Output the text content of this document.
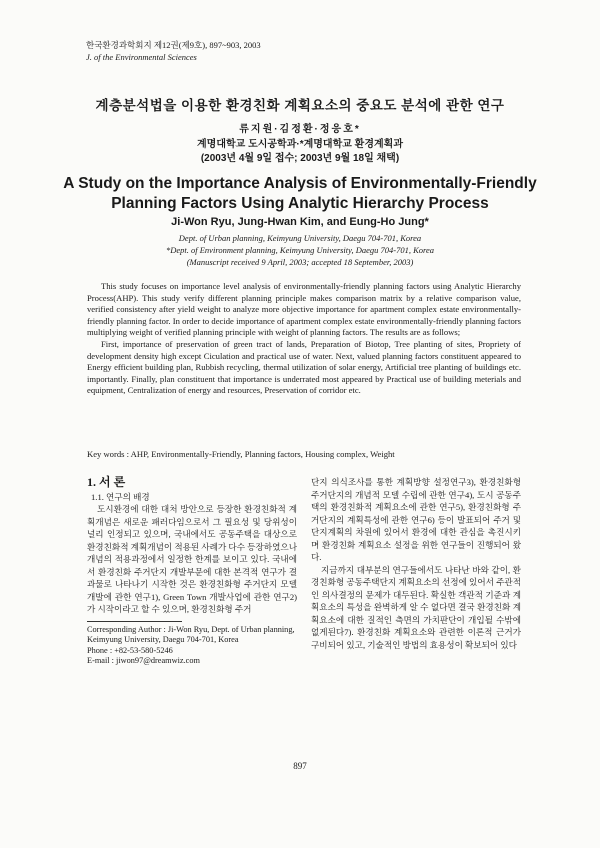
한국환경과학회지 제12권(제9호), 897~903, 2003
J. of the Environmental Sciences
계층분석법을 이용한 환경친화 계획요소의 중요도 분석에 관한 연구
류지원·김정환·정응호*
계명대학교 도시공학과·*계명대학교 환경계획과
(2003년 4월 9일 접수; 2003년 9월 18일 채택)
A Study on the Importance Analysis of Environmentally-Friendly
Planning Factors Using Analytic Hierarchy Process
Ji-Won Ryu, Jung-Hwan Kim, and Eung-Ho Jung*
Dept. of Urban planning, Keimyung University, Daegu 704-701, Korea
*Dept. of Environment planning, Keimyung University, Daegu 704-701, Korea
(Manuscript received 9 April, 2003; accepted 18 September, 2003)

This study focuses on importance level analysis of environmentally-friendly planning factors using Analytic Hierarchy Process(AHP). This study verify different planning principle makes comparison matrix by a relative comparison value, verified consistency after yield weight to analyze more objective importance for apartment complex estate environmentally-friendly planning factor. In order to decide importance of apartment complex estate environmentally-friendly planning factors multiplying weight of verified planning principle with weight of planning factors. The results are as follows;

First, importance of preservation of green tract of lands, Preparation of Biotop, Tree planting of sites, Propriety of development density high except Ciculation and practical use of water. Next, valued planning factors constituent appeared to Energy efficient building plan, Rubbish recycling, thermal utilization of solar energy, Artificial tree planting of buildings etc. importantly. Finally, plan constituent that importance is underrated most appeared by Practical use of building meterials and equipment, Centralization of energy and resources, Preservation of corridor etc.

Key words : AHP, Environmentally-Friendly, Planning factors, Housing complex, Weight

1. 서 론

1.1. 연구의 배경

도시환경에 대한 대처 방안으로 등장한 환경친화적 계획개념은 새로운 패러다임으로서 그 필요성 및 당위성이 널리 인정되고 있으며, 국내에서도 공동주택을 대상으로 환경친화적 계획개념이 적용된 사례가 다수 등장하였으나 개념의 적용과정에서 일정한 한계를 보이고 있다. 국내에서 환경친화 주거단지 개발부문에 대한 본격적 연구가 결과물로 나타나기 시작한 것은 환경친화형 주거단지 모델개발에 관한 연구1), Green Town 개발사업에 관한 연구2)가 시작이라고 할 수 있으며, 환경친화형 주거

Corresponding Author : Ji-Won Ryu, Dept. of Urban planning,
Keimyung University, Daegu 704-701, Korea
Phone : +82-53-580-5246
E-mail : jiwon97@dreamwiz.com

단지 의식조사를 통한 계획방향 설정연구3), 환경친화형 주거단지의 개념적 모델 수립에 관한 연구4), 도시 공동주택의 환경친화적 계획요소에 관한 연구5), 환경친화형 주거단지의 계획특성에 관한 연구6) 등이 발표되어 주거 및 단지계획의 차원에 있어서 환경에 대한 관심을 촉진시키며 환경친화 계획요소 설정을 위한 연구들이 진행되어 왔다.

지금까지 대부분의 연구들에서도 나타난 바와 같이, 환경친화형 공동주택단지 계획요소의 선정에 있어서 주관적인 의사결정의 문제가 대두된다. 확실한 객관적 기준과 계획요소의 특성을 완벽하게 알 수 없다면 결국 환경친화 계획요소에 대한 질적인 측면의 가치판단이 개입될 수밖에 없게된다7). 환경친화 계획요소와 관련한 이론적 근거가 구비되어 있고, 기술적인 방법의 효용성이 확보되어 있다

897
